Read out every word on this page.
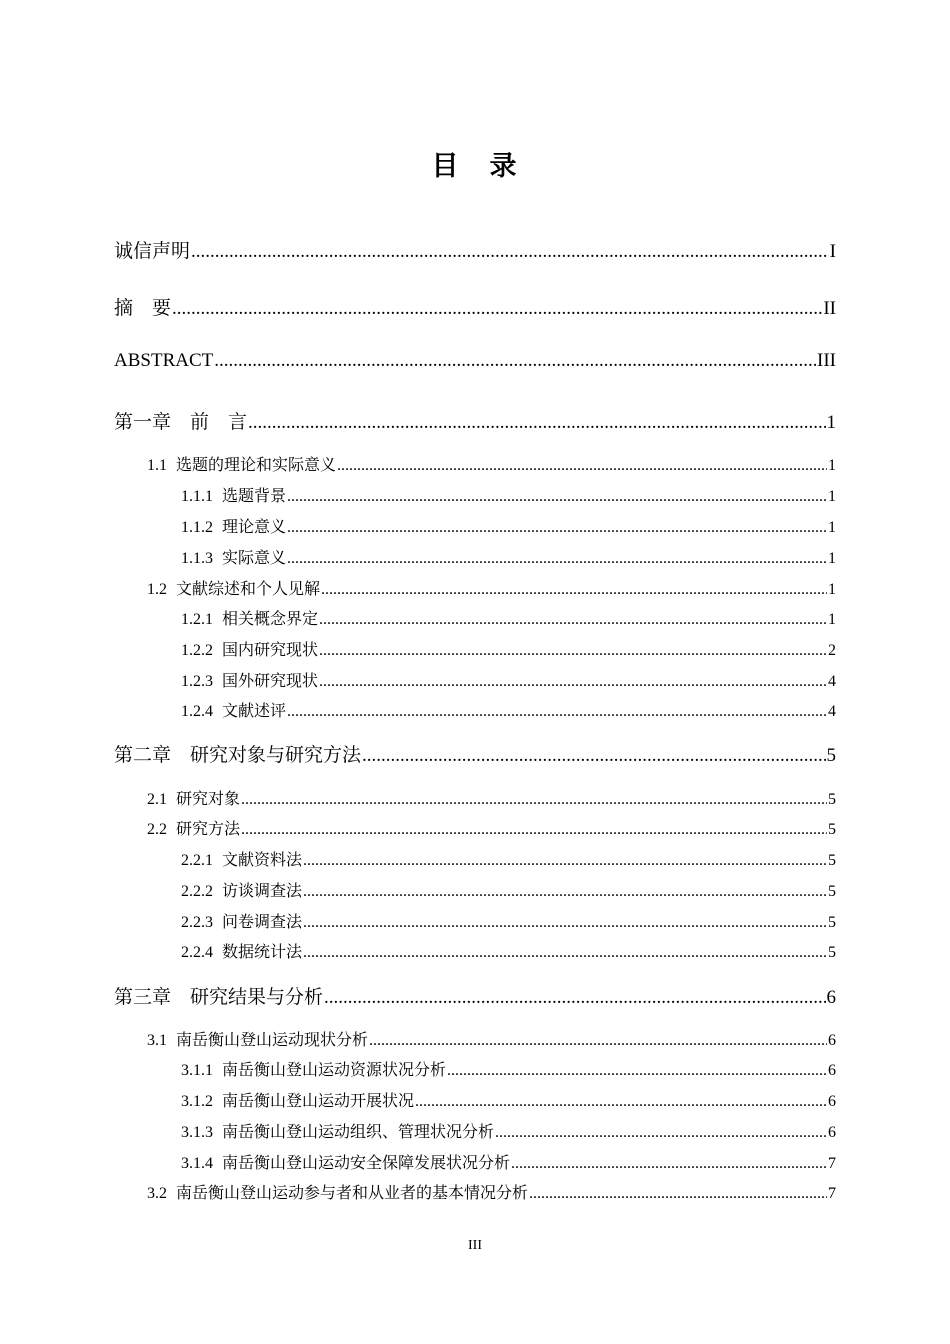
目　录
诚信声明 .....	I
摘　要 .....	II
ABSTRACT .....	III
第一章　前　言 .....	1
1.1 选题的理论和实际意义 .....	1
1.1.1 选题背景 .....	1
1.1.2 理论意义 .....	1
1.1.3 实际意义 .....	1
1.2 文献综述和个人见解 .....	1
1.2.1 相关概念界定 .....	1
1.2.2 国内研究现状 .....	2
1.2.3 国外研究现状 .....	4
1.2.4 文献述评 .....	4
第二章　研究对象与研究方法 .....	5
2.1 研究对象 .....	5
2.2 研究方法 .....	5
2.2.1 文献资料法 .....	5
2.2.2 访谈调查法 .....	5
2.2.3 问卷调查法 .....	5
2.2.4 数据统计法 .....	5
第三章　研究结果与分析 .....	6
3.1 南岳衡山登山运动现状分析 .....	6
3.1.1 南岳衡山登山运动资源状况分析 .....	6
3.1.2 南岳衡山登山运动开展状况 .....	6
3.1.3 南岳衡山登山运动组织、管理状况分析 .....	6
3.1.4 南岳衡山登山运动安全保障发展状况分析 .....	7
3.2 南岳衡山登山运动参与者和从业者的基本情况分析 .....	7
III
